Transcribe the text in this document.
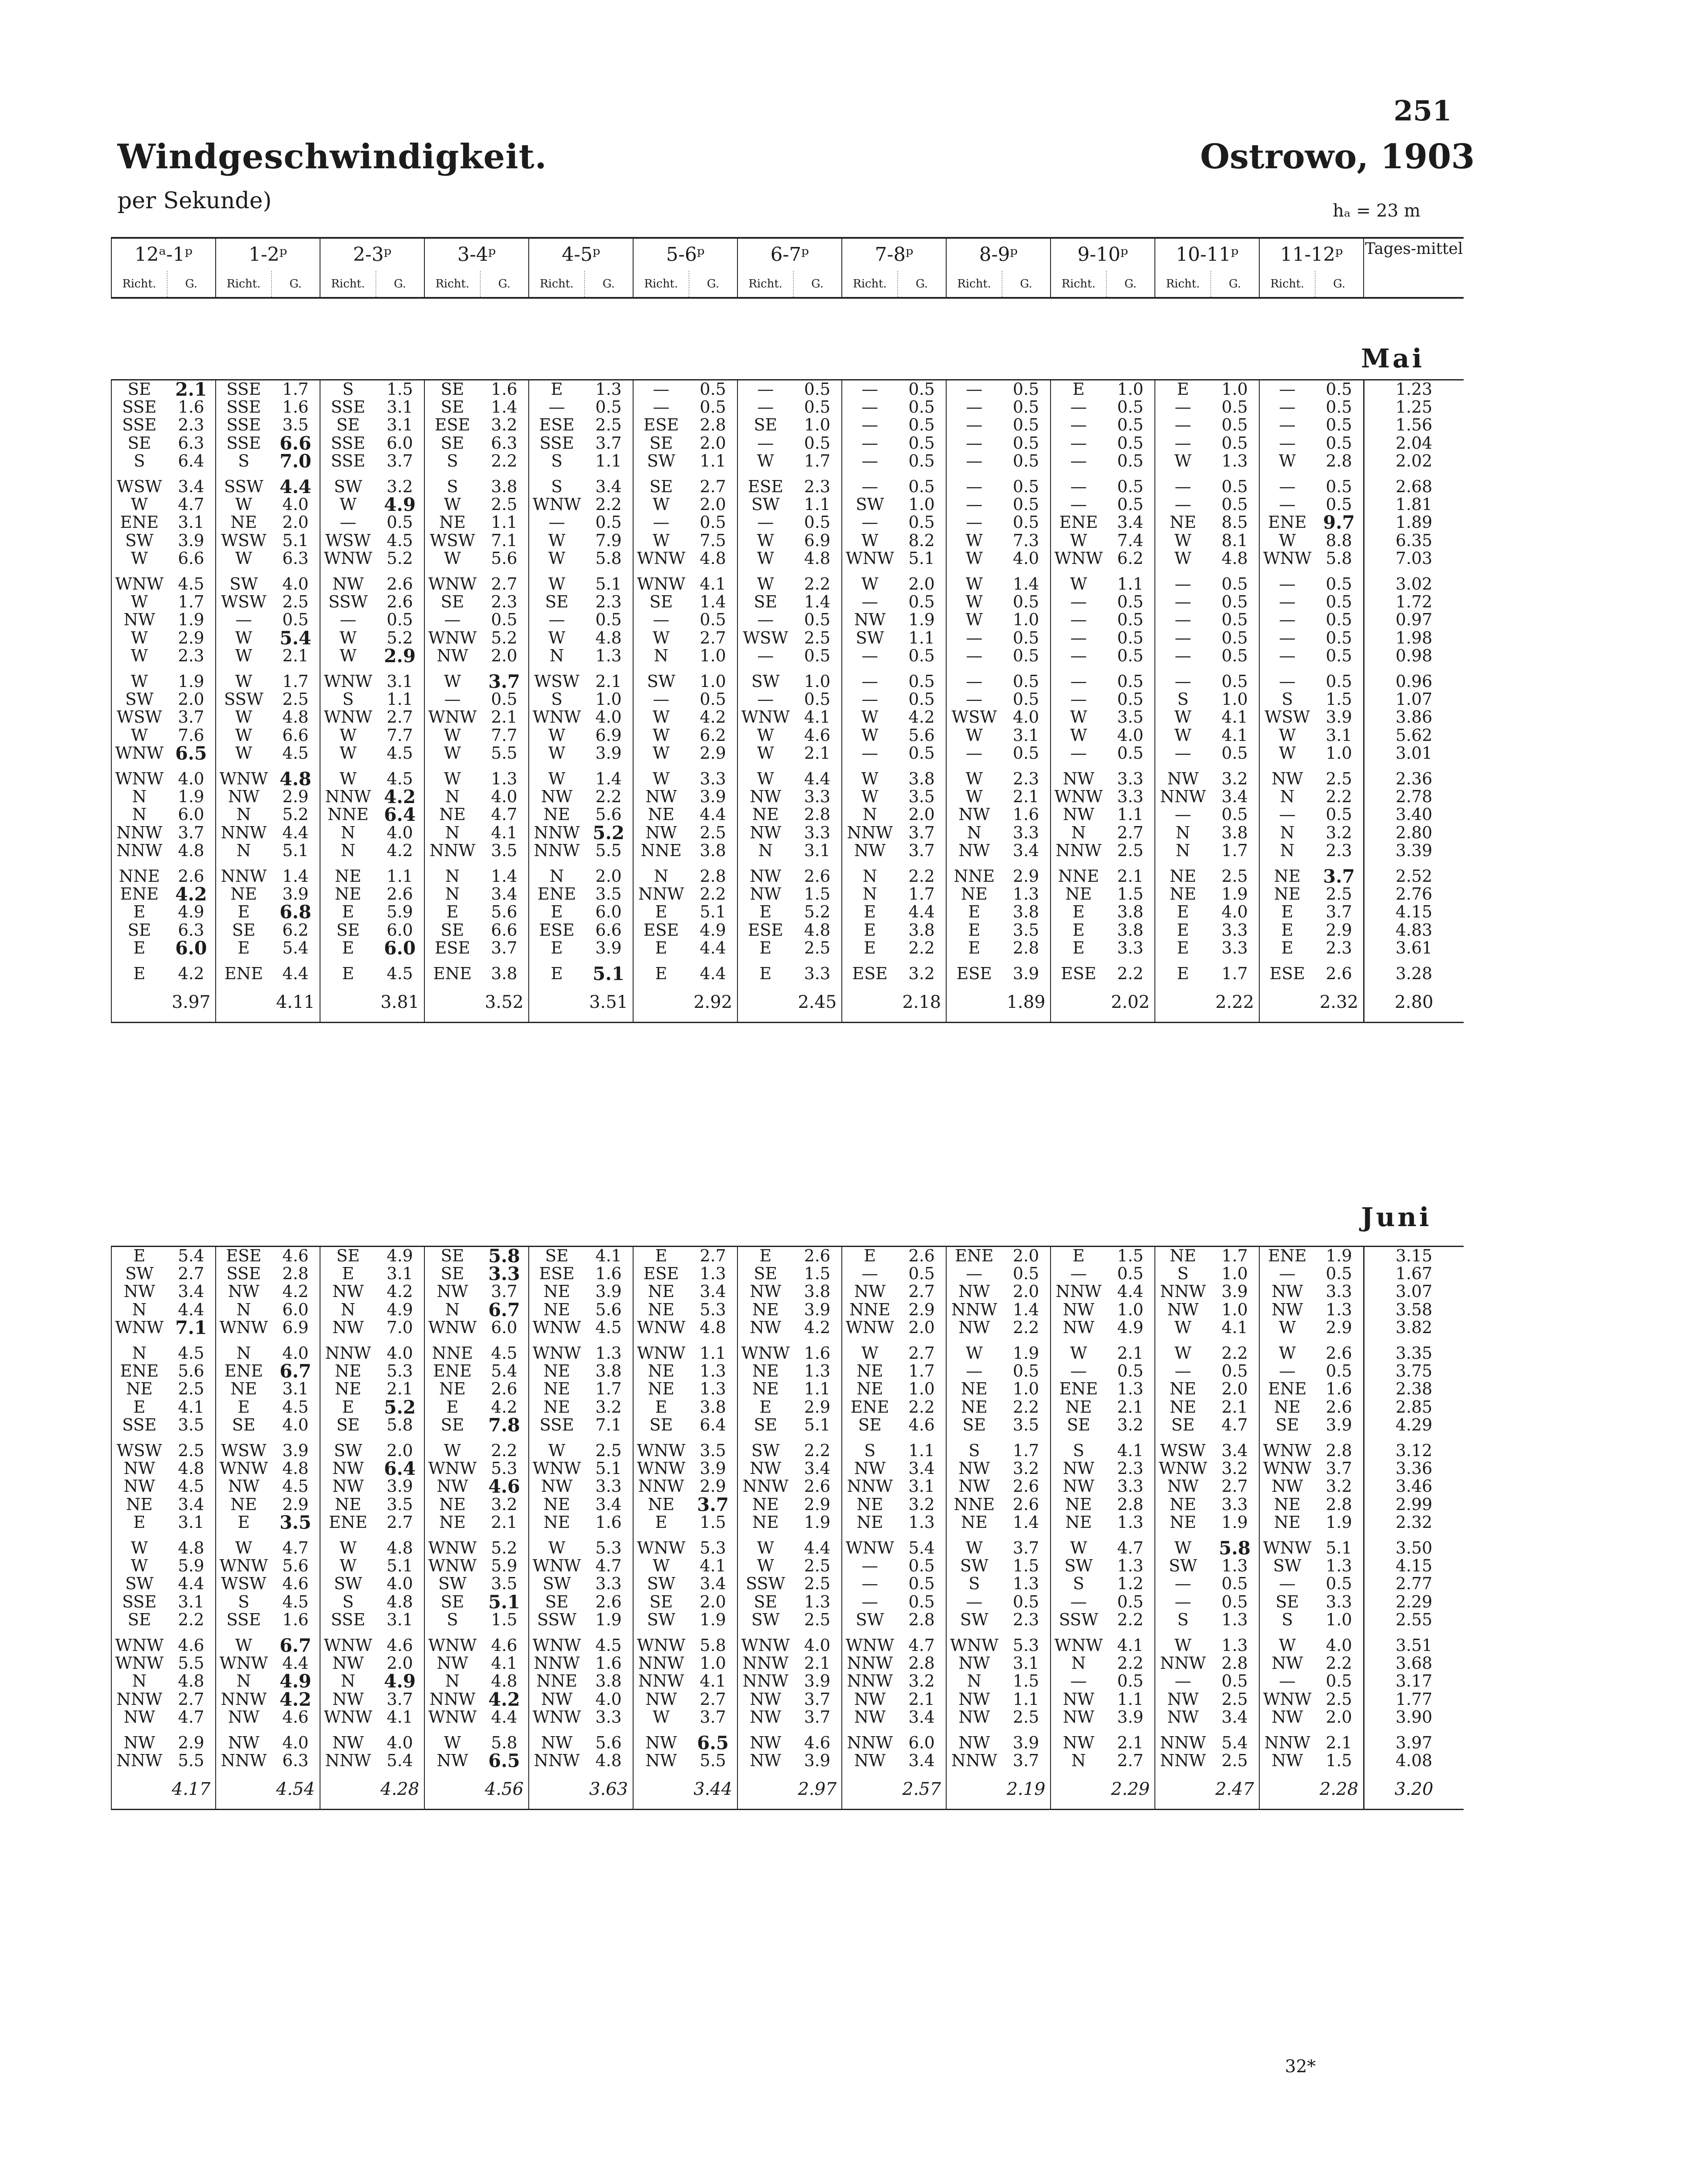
251
Windgeschwindigkeit.
per Sekunde)
Ostrowo, 1903
hₐ = 23 m
12ᵃ-1ᵖ		1-2ᵖ		2-3ᵖ		3-4ᵖ		4-5ᵖ		5-6ᵖ		6-7ᵖ		7-8ᵖ		8-9ᵖ		9-10ᵖ		10-11ᵖ		11-12ᵖ		Tages-mittel
Richt.	G.	Richt.	G.	Richt.	G.	Richt.	G.	Richt.	G.	Richt.	G.	Richt.	G.	Richt.	G.	Richt.	G.	Richt.	G.	Richt.	G.	Richt.	G.	
Mai
SE	2.1	SSE	1.7	S	1.5	SE	1.6	E	1.3	—	0.5	—	0.5	—	0.5	—	0.5	E	1.0	E	1.0	—	0.5	1.23
SSE	1.6	SSE	1.6	SSE	3.1	SE	1.4	—	0.5	—	0.5	—	0.5	—	0.5	—	0.5	—	0.5	—	0.5	—	0.5	1.25
SSE	2.3	SSE	3.5	SE	3.1	ESE	3.2	ESE	2.5	ESE	2.8	SE	1.0	—	0.5	—	0.5	—	0.5	—	0.5	—	0.5	1.56
SE	6.3	SSE	6.6	SSE	6.0	SE	6.3	SSE	3.7	SE	2.0	—	0.5	—	0.5	—	0.5	—	0.5	—	0.5	—	0.5	2.04
S	6.4	S	7.0	SSE	3.7	S	2.2	S	1.1	SW	1.1	W	1.7	—	0.5	—	0.5	—	0.5	W	1.3	W	2.8	2.02
WSW	3.4	SSW	4.4	SW	3.2	S	3.8	S	3.4	SE	2.7	ESE	2.3	—	0.5	—	0.5	—	0.5	—	0.5	—	0.5	2.68
W	4.7	W	4.0	W	4.9	W	2.5	WNW	2.2	W	2.0	SW	1.1	SW	1.0	—	0.5	—	0.5	—	0.5	—	0.5	1.81
ENE	3.1	NE	2.0	—	0.5	NE	1.1	—	0.5	—	0.5	—	0.5	—	0.5	—	0.5	ENE	3.4	NE	8.5	ENE	9.7	1.89
SW	3.9	WSW	5.1	WSW	4.5	WSW	7.1	W	7.9	W	7.5	W	6.9	W	8.2	W	7.3	W	7.4	W	8.1	W	8.8	6.35
W	6.6	W	6.3	WNW	5.2	W	5.6	W	5.8	WNW	4.8	W	4.8	WNW	5.1	W	4.0	WNW	6.2	W	4.8	WNW	5.8	7.03
WNW	4.5	SW	4.0	NW	2.6	WNW	2.7	W	5.1	WNW	4.1	W	2.2	W	2.0	W	1.4	W	1.1	—	0.5	—	0.5	3.02
W	1.7	WSW	2.5	SSW	2.6	SE	2.3	SE	2.3	SE	1.4	SE	1.4	—	0.5	W	0.5	—	0.5	—	0.5	—	0.5	1.72
NW	1.9	—	0.5	—	0.5	—	0.5	—	0.5	—	0.5	—	0.5	NW	1.9	W	1.0	—	0.5	—	0.5	—	0.5	0.97
W	2.9	W	5.4	W	5.2	WNW	5.2	W	4.8	W	2.7	WSW	2.5	SW	1.1	—	0.5	—	0.5	—	0.5	—	0.5	1.98
W	2.3	W	2.1	W	2.9	NW	2.0	N	1.3	N	1.0	—	0.5	—	0.5	—	0.5	—	0.5	—	0.5	—	0.5	0.98
W	1.9	W	1.7	WNW	3.1	W	3.7	WSW	2.1	SW	1.0	SW	1.0	—	0.5	—	0.5	—	0.5	—	0.5	—	0.5	0.96
SW	2.0	SSW	2.5	S	1.1	—	0.5	S	1.0	—	0.5	—	0.5	—	0.5	—	0.5	—	0.5	S	1.0	S	1.5	1.07
WSW	3.7	W	4.8	WNW	2.7	WNW	2.1	WNW	4.0	W	4.2	WNW	4.1	W	4.2	WSW	4.0	W	3.5	W	4.1	WSW	3.9	3.86
W	7.6	W	6.6	W	7.7	W	7.7	W	6.9	W	6.2	W	4.6	W	5.6	W	3.1	W	4.0	W	4.1	W	3.1	5.62
WNW	6.5	W	4.5	W	4.5	W	5.5	W	3.9	W	2.9	W	2.1	—	0.5	—	0.5	—	0.5	—	0.5	W	1.0	3.01
WNW	4.0	WNW	4.8	W	4.5	W	1.3	W	1.4	W	3.3	W	4.4	W	3.8	W	2.3	NW	3.3	NW	3.2	NW	2.5	2.36
N	1.9	NW	2.9	NNW	4.2	N	4.0	NW	2.2	NW	3.9	NW	3.3	W	3.5	W	2.1	WNW	3.3	NNW	3.4	N	2.2	2.78
N	6.0	N	5.2	NNE	6.4	NE	4.7	NE	5.6	NE	4.4	NE	2.8	N	2.0	NW	1.6	NW	1.1	—	0.5	—	0.5	3.40
NNW	3.7	NNW	4.4	N	4.0	N	4.1	NNW	5.2	NW	2.5	NW	3.3	NNW	3.7	N	3.3	N	2.7	N	3.8	N	3.2	2.80
NNW	4.8	N	5.1	N	4.2	NNW	3.5	NNW	5.5	NNE	3.8	N	3.1	NW	3.7	NW	3.4	NNW	2.5	N	1.7	N	2.3	3.39
NNE	2.6	NNW	1.4	NE	1.1	N	1.4	N	2.0	N	2.8	NW	2.6	N	2.2	NNE	2.9	NNE	2.1	NE	2.5	NE	3.7	2.52
ENE	4.2	NE	3.9	NE	2.6	N	3.4	ENE	3.5	NNW	2.2	NW	1.5	N	1.7	NE	1.3	NE	1.5	NE	1.9	NE	2.5	2.76
E	4.9	E	6.8	E	5.9	E	5.6	E	6.0	E	5.1	E	5.2	E	4.4	E	3.8	E	3.8	E	4.0	E	3.7	4.15
SE	6.3	SE	6.2	SE	6.0	SE	6.6	ESE	6.6	ESE	4.9	ESE	4.8	E	3.8	E	3.5	E	3.8	E	3.3	E	2.9	4.83
E	6.0	E	5.4	E	6.0	ESE	3.7	E	3.9	E	4.4	E	2.5	E	2.2	E	2.8	E	3.3	E	3.3	E	2.3	3.61
E	4.2	ENE	4.4	E	4.5	ENE	3.8	E	5.1	E	4.4	E	3.3	ESE	3.2	ESE	3.9	ESE	2.2	E	1.7	ESE	2.6	3.28
	3.97		4.11		3.81		3.52		3.51		2.92		2.45		2.18		1.89		2.02		2.22		2.32	2.80
Juni
E	5.4	ESE	4.6	SE	4.9	SE	5.8	SE	4.1	E	2.7	E	2.6	E	2.6	ENE	2.0	E	1.5	NE	1.7	ENE	1.9	3.15
SW	2.7	SSE	2.8	E	3.1	SE	3.3	ESE	1.6	ESE	1.3	SE	1.5	—	0.5	—	0.5	—	0.5	S	1.0	—	0.5	1.67
NW	3.4	NW	4.2	NW	4.2	NW	3.7	NE	3.9	NE	3.4	NW	3.8	NW	2.7	NW	2.0	NNW	4.4	NNW	3.9	NW	3.3	3.07
N	4.4	N	6.0	N	4.9	N	6.7	NE	5.6	NE	5.3	NE	3.9	NNE	2.9	NNW	1.4	NW	1.0	NW	1.0	NW	1.3	3.58
WNW	7.1	WNW	6.9	NW	7.0	WNW	6.0	WNW	4.5	WNW	4.8	NW	4.2	WNW	2.0	NW	2.2	NW	4.9	W	4.1	W	2.9	3.82
N	4.5	N	4.0	NNW	4.0	NNE	4.5	WNW	1.3	WNW	1.1	WNW	1.6	W	2.7	W	1.9	W	2.1	W	2.2	W	2.6	3.35
ENE	5.6	ENE	6.7	NE	5.3	ENE	5.4	NE	3.8	NE	1.3	NE	1.3	NE	1.7	—	0.5	—	0.5	—	0.5	—	0.5	3.75
NE	2.5	NE	3.1	NE	2.1	NE	2.6	NE	1.7	NE	1.3	NE	1.1	NE	1.0	NE	1.0	ENE	1.3	NE	2.0	ENE	1.6	2.38
E	4.1	E	4.5	E	5.2	E	4.2	NE	3.2	E	3.8	E	2.9	ENE	2.2	NE	2.2	NE	2.1	NE	2.1	NE	2.6	2.85
SSE	3.5	SE	4.0	SE	5.8	SE	7.8	SSE	7.1	SE	6.4	SE	5.1	SE	4.6	SE	3.5	SE	3.2	SE	4.7	SE	3.9	4.29
WSW	2.5	WSW	3.9	SW	2.0	W	2.2	W	2.5	WNW	3.5	SW	2.2	S	1.1	S	1.7	S	4.1	WSW	3.4	WNW	2.8	3.12
NW	4.8	WNW	4.8	NW	6.4	WNW	5.3	WNW	5.1	WNW	3.9	NW	3.4	NW	3.4	NW	3.2	NW	2.3	WNW	3.2	WNW	3.7	3.36
NW	4.5	NW	4.5	NW	3.9	NW	4.6	NW	3.3	NNW	2.9	NNW	2.6	NNW	3.1	NW	2.6	NW	3.3	NW	2.7	NW	3.2	3.46
NE	3.4	NE	2.9	NE	3.5	NE	3.2	NE	3.4	NE	3.7	NE	2.9	NE	3.2	NNE	2.6	NE	2.8	NE	3.3	NE	2.8	2.99
E	3.1	E	3.5	ENE	2.7	NE	2.1	NE	1.6	E	1.5	NE	1.9	NE	1.3	NE	1.4	NE	1.3	NE	1.9	NE	1.9	2.32
W	4.8	W	4.7	W	4.8	WNW	5.2	W	5.3	WNW	5.3	W	4.4	WNW	5.4	W	3.7	W	4.7	W	5.8	WNW	5.1	3.50
W	5.9	WNW	5.6	W	5.1	WNW	5.9	WNW	4.7	W	4.1	W	2.5	—	0.5	SW	1.5	SW	1.3	SW	1.3	SW	1.3	4.15
SW	4.4	WSW	4.6	SW	4.0	SW	3.5	SW	3.3	SW	3.4	SSW	2.5	—	0.5	S	1.3	S	1.2	—	0.5	—	0.5	2.77
SSE	3.1	S	4.5	S	4.8	SE	5.1	SE	2.6	SE	2.0	SE	1.3	—	0.5	—	0.5	—	0.5	—	0.5	SE	3.3	2.29
SE	2.2	SSE	1.6	SSE	3.1	S	1.5	SSW	1.9	SW	1.9	SW	2.5	SW	2.8	SW	2.3	SSW	2.2	S	1.3	S	1.0	2.55
WNW	4.6	W	6.7	WNW	4.6	WNW	4.6	WNW	4.5	WNW	5.8	WNW	4.0	WNW	4.7	WNW	5.3	WNW	4.1	W	1.3	W	4.0	3.51
WNW	5.5	WNW	4.4	NW	2.0	NW	4.1	NNW	1.6	NNW	1.0	NNW	2.1	NNW	2.8	NW	3.1	N	2.2	NNW	2.8	NW	2.2	3.68
N	4.8	N	4.9	N	4.9	N	4.8	NNE	3.8	NNW	4.1	NNW	3.9	NNW	3.2	N	1.5	—	0.5	—	0.5	—	0.5	3.17
NNW	2.7	NNW	4.2	NW	3.7	NNW	4.2	NW	4.0	NW	2.7	NW	3.7	NW	2.1	NW	1.1	NW	1.1	NW	2.5	WNW	2.5	1.77
NW	4.7	NW	4.6	WNW	4.1	WNW	4.4	WNW	3.3	W	3.7	NW	3.7	NW	3.4	NW	2.5	NW	3.9	NW	3.4	NW	2.0	3.90
NW	2.9	NW	4.0	NW	4.0	W	5.8	NW	5.6	NW	6.5	NW	4.6	NNW	6.0	NW	3.9	NW	2.1	NNW	5.4	NNW	2.1	3.97
NNW	5.5	NNW	6.3	NNW	5.4	NW	6.5	NNW	4.8	NW	5.5	NW	3.9	NW	3.4	NNW	3.7	N	2.7	NNW	2.5	NW	1.5	4.08
	4.17		4.54		4.28		4.56		3.63		3.44		2.97		2.57		2.19		2.29		2.47		2.28	3.20
32*
